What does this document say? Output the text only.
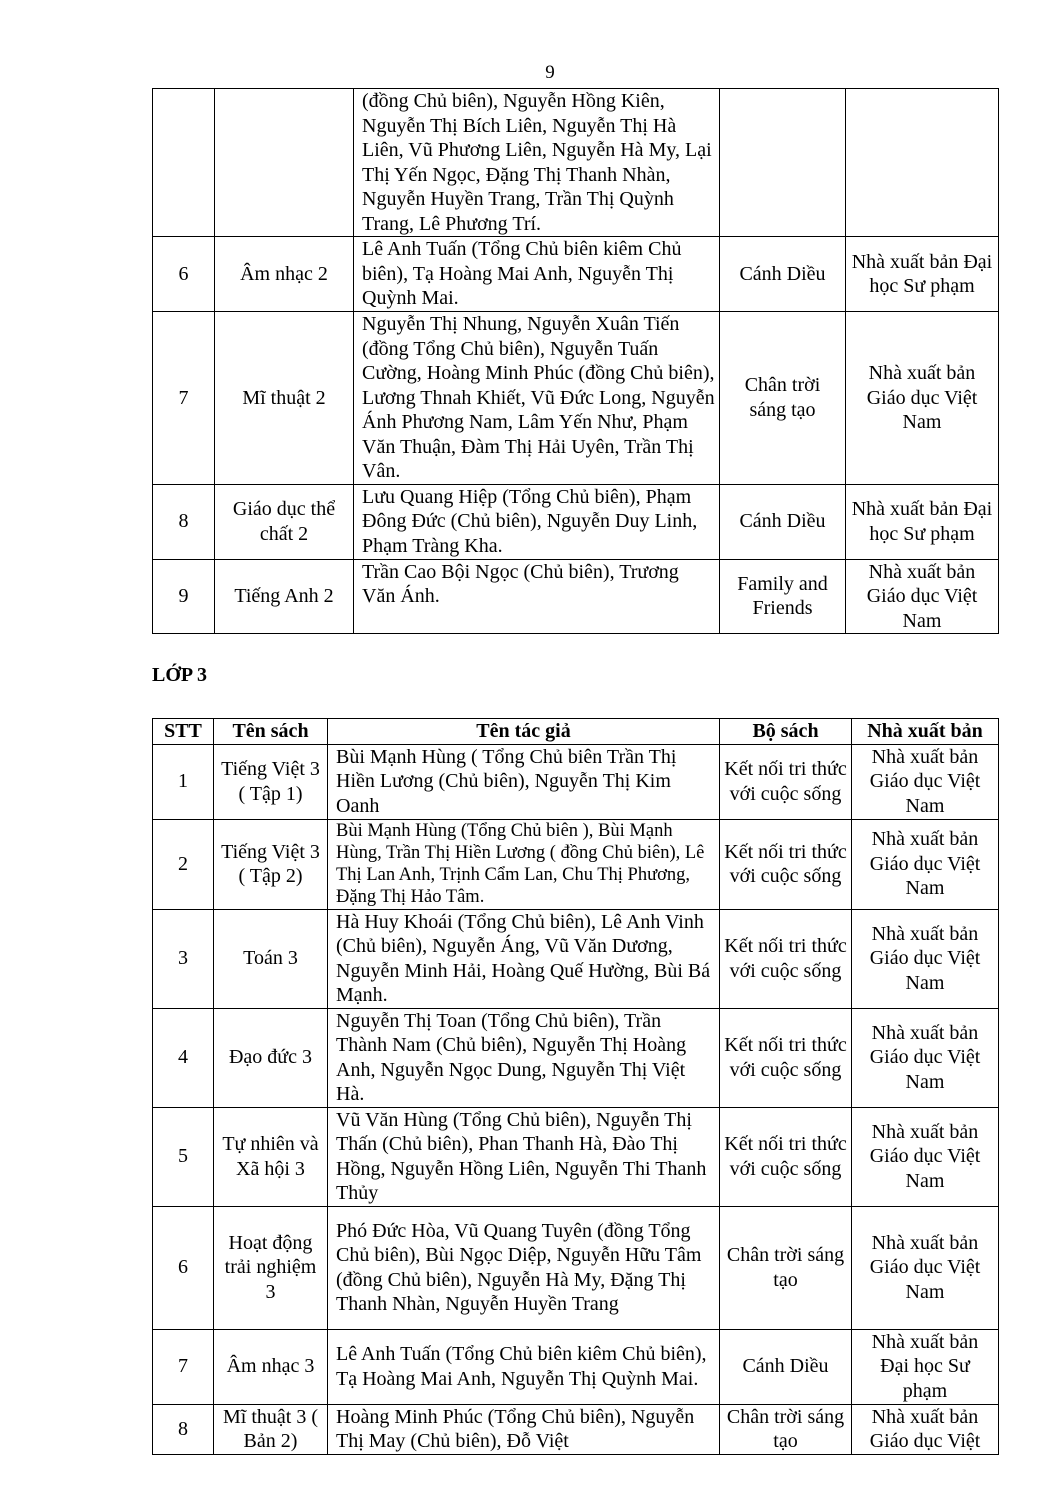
9
		(đồng Chủ biên), Nguyễn Hồng Kiên, Nguyễn Thị Bích Liên, Nguyễn Thị Hà Liên, Vũ Phương Liên, Nguyễn Hà My, Lại Thị Yến Ngọc, Đặng Thị Thanh Nhàn, Nguyễn Huyền Trang, Trần Thị Quỳnh Trang, Lê Phương Trí.		
6	Âm nhạc 2	Lê Anh Tuấn (Tổng Chủ biên kiêm Chủ biên), Tạ Hoàng Mai Anh, Nguyễn Thị Quỳnh Mai.	Cánh Diều	Nhà xuất bản Đại học Sư phạm
7	Mĩ thuật 2	Nguyễn Thị Nhung, Nguyễn Xuân Tiến (đồng Tổng Chủ biên), Nguyễn Tuấn Cường, Hoàng Minh Phúc (đồng Chủ biên), Lương Thnah Khiết, Vũ Đức Long, Nguyễn Ánh Phương Nam, Lâm Yến Như, Phạm Văn Thuận, Đàm Thị Hải Uyên, Trần Thị Vân.	Chân trời sáng tạo	Nhà xuất bản Giáo dục Việt Nam
8	Giáo dục thể chất 2	Lưu Quang Hiệp (Tổng Chủ biên), Phạm Đông Đức (Chủ biên), Nguyễn Duy Linh, Phạm Tràng Kha.	Cánh Diều	Nhà xuất bản Đại học Sư phạm
9	Tiếng Anh 2	Trần Cao Bội Ngọc (Chủ biên), Trương Văn Ánh.	Family and Friends	Nhà xuất bản Giáo dục Việt Nam
LỚP 3
STT	Tên sách	Tên tác giả	Bộ sách	Nhà xuất bản
1	Tiếng Việt 3 ( Tập 1)	Bùi Mạnh Hùng ( Tổng Chủ biên Trần Thị Hiền Lương (Chủ biên), Nguyễn Thị Kim Oanh	Kết nối tri thức với cuộc sống	Nhà xuất bản Giáo dục Việt Nam
2	Tiếng Việt 3 ( Tập 2)	Bùi Mạnh Hùng (Tổng Chủ biên ), Bùi Mạnh Hùng, Trần Thị Hiền Lương ( đồng Chủ biên), Lê Thị Lan Anh, Trịnh Cẩm Lan, Chu Thị Phương, Đặng Thị Hảo Tâm.	Kết nối tri thức với cuộc sống	Nhà xuất bản Giáo dục Việt Nam
3	Toán 3	Hà Huy Khoái (Tổng Chủ biên), Lê Anh Vinh (Chủ biên), Nguyễn Áng, Vũ Văn Dương, Nguyễn Minh Hải, Hoàng Quế Hường, Bùi Bá Mạnh.	Kết nối tri thức với cuộc sống	Nhà xuất bản Giáo dục Việt Nam
4	Đạo đức 3	Nguyễn Thị Toan (Tổng Chủ biên), Trần Thành Nam (Chủ biên), Nguyễn Thị Hoàng Anh, Nguyễn Ngọc Dung, Nguyễn Thị Việt Hà.	Kết nối tri thức với cuộc sống	Nhà xuất bản Giáo dục Việt Nam
5	Tự nhiên và Xã hội 3	Vũ Văn Hùng (Tổng Chủ biên), Nguyễn Thị Thấn (Chủ biên), Phan Thanh Hà, Đào Thị Hồng, Nguyễn Hồng Liên, Nguyễn Thi Thanh Thủy	Kết nối tri thức với cuộc sống	Nhà xuất bản Giáo dục Việt Nam
6	Hoạt động trải nghiệm 3	Phó Đức Hòa, Vũ Quang Tuyên (đồng Tổng Chủ biên), Bùi Ngọc Diệp, Nguyễn Hữu Tâm (đồng Chủ biên), Nguyễn Hà My, Đặng Thị Thanh Nhàn, Nguyễn Huyền Trang	Chân trời sáng tạo	Nhà xuất bản Giáo dục Việt Nam
7	Âm nhạc 3	Lê Anh Tuấn (Tổng Chủ biên kiêm Chủ biên), Tạ Hoàng Mai Anh, Nguyễn Thị Quỳnh Mai.	Cánh Diều	Nhà xuất bản Đại học Sư phạm
8	Mĩ thuật 3 ( Bản 2)	Hoàng Minh Phúc (Tổng Chủ biên), Nguyễn Thị May (Chủ biên), Đỗ Việt	Chân trời sáng tạo	Nhà xuất bản Giáo dục Việt
